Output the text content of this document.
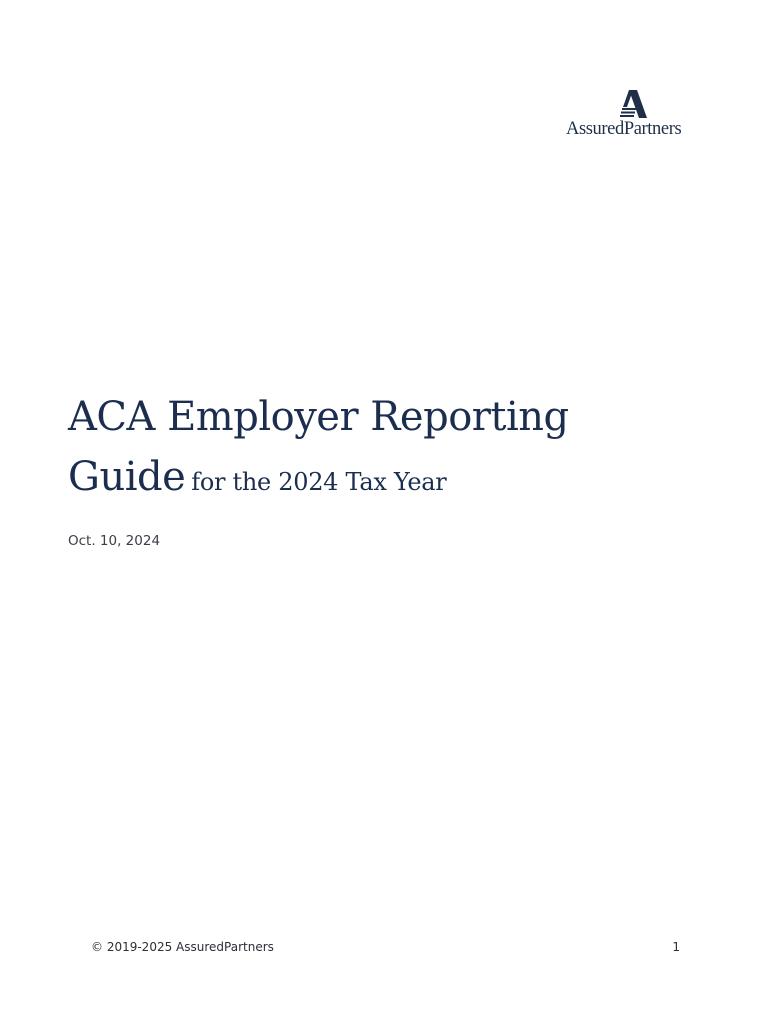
AssuredPartners
ACA Employer Reporting
Guide for the 2024 Tax Year
Oct. 10, 2024
© 2019-2025 AssuredPartners	1
